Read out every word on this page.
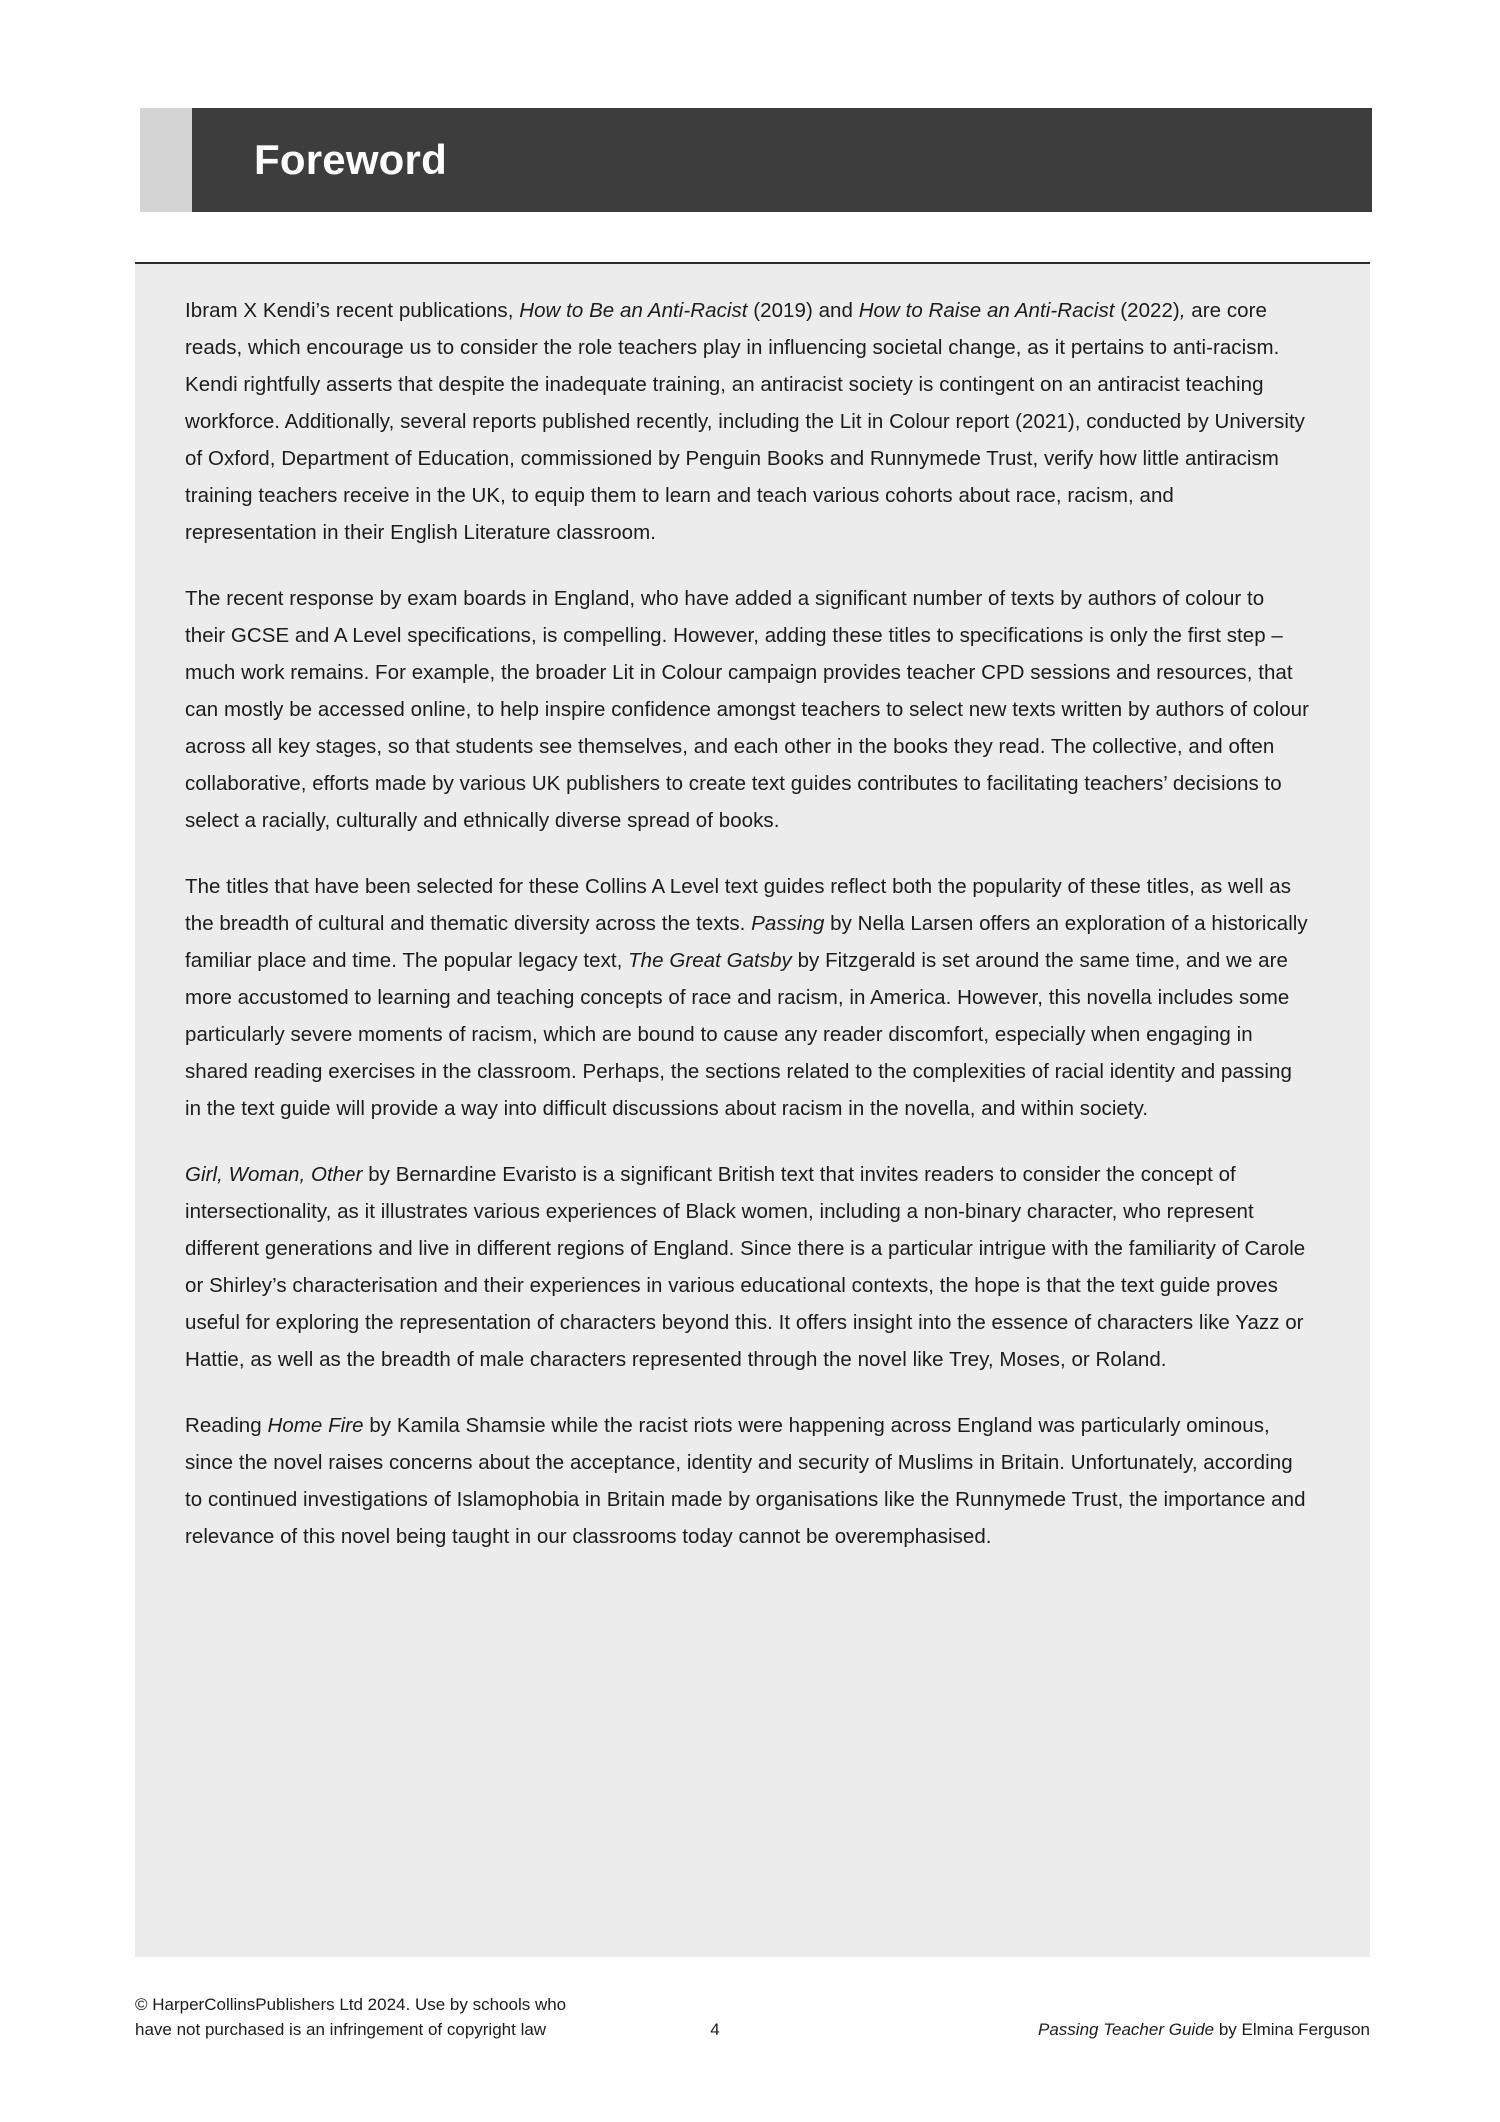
Foreword

Ibram X Kendi’s recent publications, How to Be an Anti-Racist (2019) and How to Raise an Anti-Racist (2022), are core reads, which encourage us to consider the role teachers play in influencing societal change, as it pertains to anti-racism. Kendi rightfully asserts that despite the inadequate training, an antiracist society is contingent on an antiracist teaching workforce. Additionally, several reports published recently, including the Lit in Colour report (2021), conducted by University of Oxford, Department of Education, commissioned by Penguin Books and Runnymede Trust, verify how little antiracism training teachers receive in the UK, to equip them to learn and teach various cohorts about race, racism, and representation in their English Literature classroom.

The recent response by exam boards in England, who have added a significant number of texts by authors of colour to their GCSE and A Level specifications, is compelling. However, adding these titles to specifications is only the first step – much work remains. For example, the broader Lit in Colour campaign provides teacher CPD sessions and resources, that can mostly be accessed online, to help inspire confidence amongst teachers to select new texts written by authors of colour across all key stages, so that students see themselves, and each other in the books they read. The collective, and often collaborative, efforts made by various UK publishers to create text guides contributes to facilitating teachers’ decisions to select a racially, culturally and ethnically diverse spread of books.

The titles that have been selected for these Collins A Level text guides reflect both the popularity of these titles, as well as the breadth of cultural and thematic diversity across the texts. Passing by Nella Larsen offers an exploration of a historically familiar place and time. The popular legacy text, The Great Gatsby by Fitzgerald is set around the same time, and we are more accustomed to learning and teaching concepts of race and racism, in America. However, this novella includes some particularly severe moments of racism, which are bound to cause any reader discomfort, especially when engaging in shared reading exercises in the classroom. Perhaps, the sections related to the complexities of racial identity and passing in the text guide will provide a way into difficult discussions about racism in the novella, and within society.

Girl, Woman, Other by Bernardine Evaristo is a significant British text that invites readers to consider the concept of intersectionality, as it illustrates various experiences of Black women, including a non-binary character, who represent different generations and live in different regions of England. Since there is a particular intrigue with the familiarity of Carole or Shirley’s characterisation and their experiences in various educational contexts, the hope is that the text guide proves useful for exploring the representation of characters beyond this. It offers insight into the essence of characters like Yazz or Hattie, as well as the breadth of male characters represented through the novel like Trey, Moses, or Roland.

Reading Home Fire by Kamila Shamsie while the racist riots were happening across England was particularly ominous, since the novel raises concerns about the acceptance, identity and security of Muslims in Britain. Unfortunately, according to continued investigations of Islamophobia in Britain made by organisations like the Runnymede Trust, the importance and relevance of this novel being taught in our classrooms today cannot be overemphasised.

© HarperCollinsPublishers Ltd 2024. Use by schools who
have not purchased is an infringement of copyright law	4	Passing Teacher Guide by Elmina Ferguson
